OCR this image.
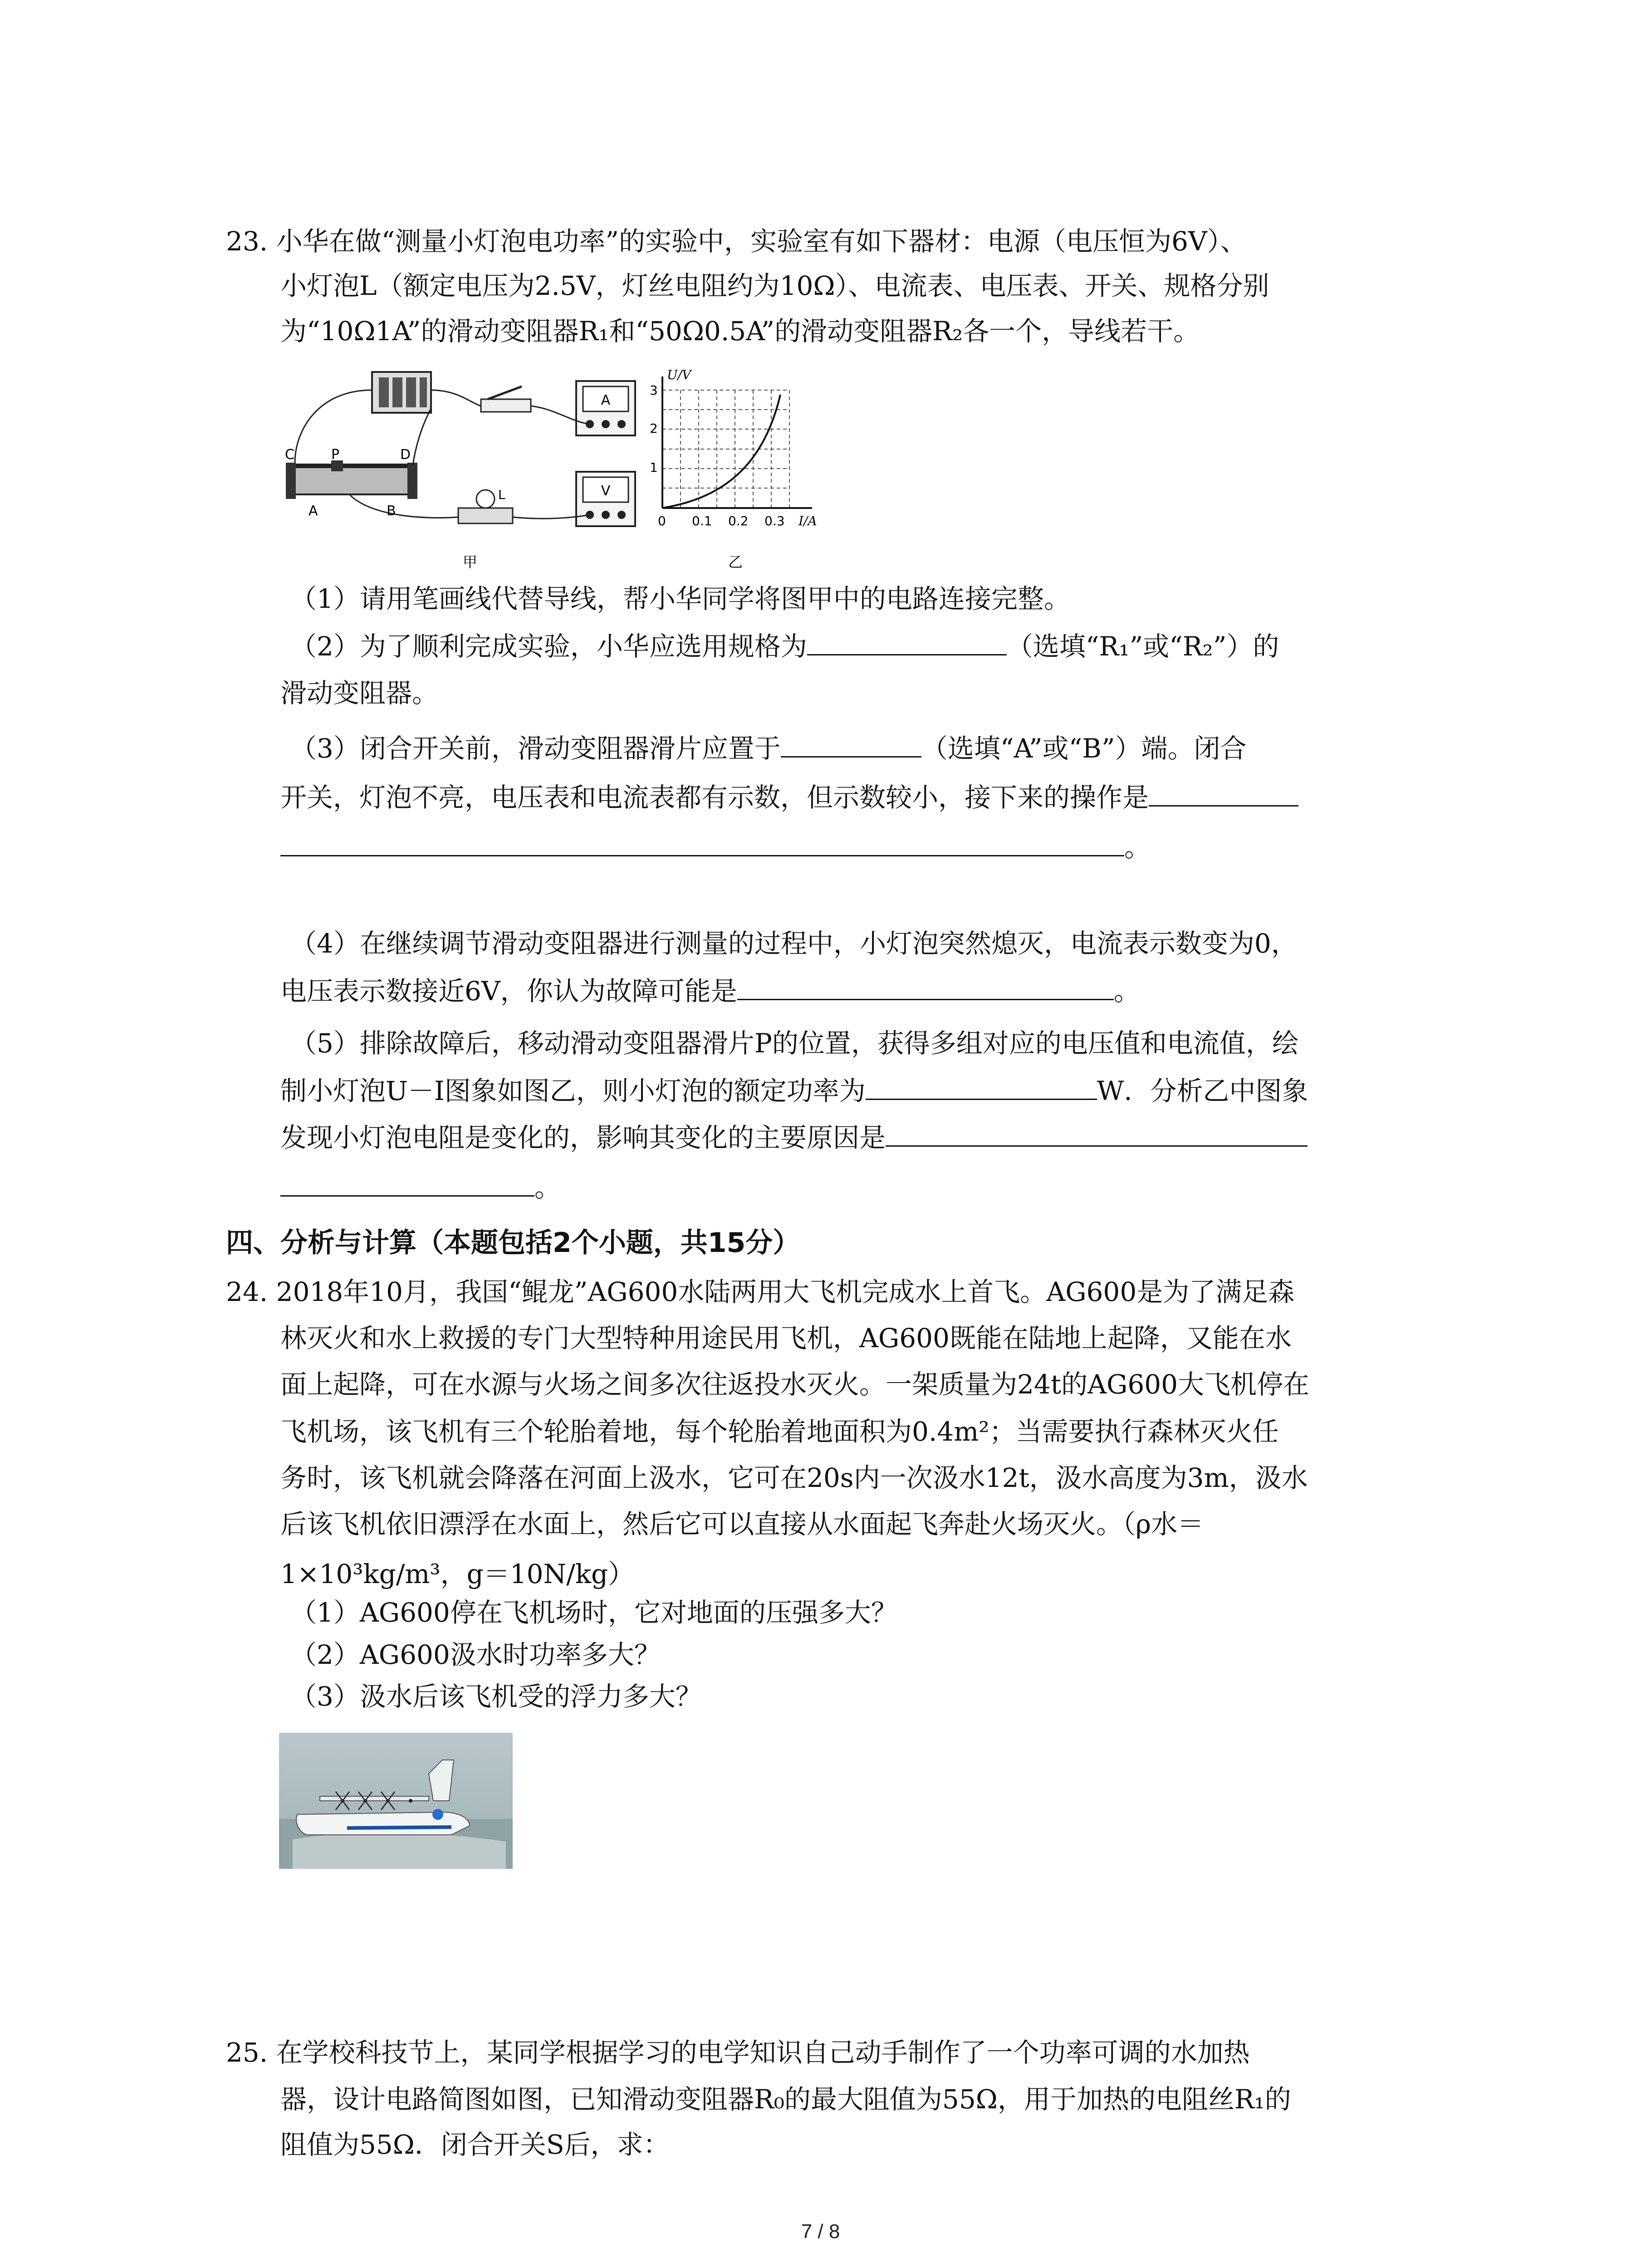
23. 小华在做“测量小灯泡电功率”的实验中，实验室有如下器材：电源（电压恒为6V）、
小灯泡L（额定电压为2.5V，灯丝电阻约为10Ω）、电流表、电压表、开关、规格分别
为“10Ω1A”的滑动变阻器R₁和“50Ω0.5A”的滑动变阻器R₂各一个，导线若干。
A
V
C	P	D
A	B
L
甲
U/V
I/A
1
2
3
0 0.1 0.2 0.3
乙
（1）请用笔画线代替导线，帮小华同学将图甲中的电路连接完整。
（2）为了顺利完成实验，小华应选用规格为	（选填“R₁”或“R₂”）的
滑动变阻器。
（3）闭合开关前，滑动变阻器滑片应置于	（选填“A”或“B”）端。闭合
开关，灯泡不亮，电压表和电流表都有示数，但示数较小，接下来的操作是
。
（4）在继续调节滑动变阻器进行测量的过程中，小灯泡突然熄灭，电流表示数变为0，
电压表示数接近6V，你认为故障可能是	。
（5）排除故障后，移动滑动变阻器滑片P的位置，获得多组对应的电压值和电流值，绘
制小灯泡U－I图象如图乙，则小灯泡的额定功率为	W．分析乙中图象
发现小灯泡电阻是变化的，影响其变化的主要原因是
。
四、分析与计算（本题包括2个小题，共15分）
24. 2018年10月，我国“鲲龙”AG600水陆两用大飞机完成水上首飞。AG600是为了满足森
林灭火和水上救援的专门大型特种用途民用飞机，AG600既能在陆地上起降，又能在水
面上起降，可在水源与火场之间多次往返投水灭火。一架质量为24t的AG600大飞机停在
飞机场，该飞机有三个轮胎着地，每个轮胎着地面积为0.4m²；当需要执行森林灭火任
务时，该飞机就会降落在河面上汲水，它可在20s内一次汲水12t，汲水高度为3m，汲水
后该飞机依旧漂浮在水面上，然后它可以直接从水面起飞奔赴火场灭火。（ρ水＝
1×10³kg/m³，g＝10N/kg）
（1）AG600停在飞机场时，它对地面的压强多大？
（2）AG600汲水时功率多大？
（3）汲水后该飞机受的浮力多大？
25. 在学校科技节上，某同学根据学习的电学知识自己动手制作了一个功率可调的水加热
器，设计电路简图如图，已知滑动变阻器R₀的最大阻值为55Ω，用于加热的电阻丝R₁的
阻值为55Ω．闭合开关S后，求：
7 / 8
